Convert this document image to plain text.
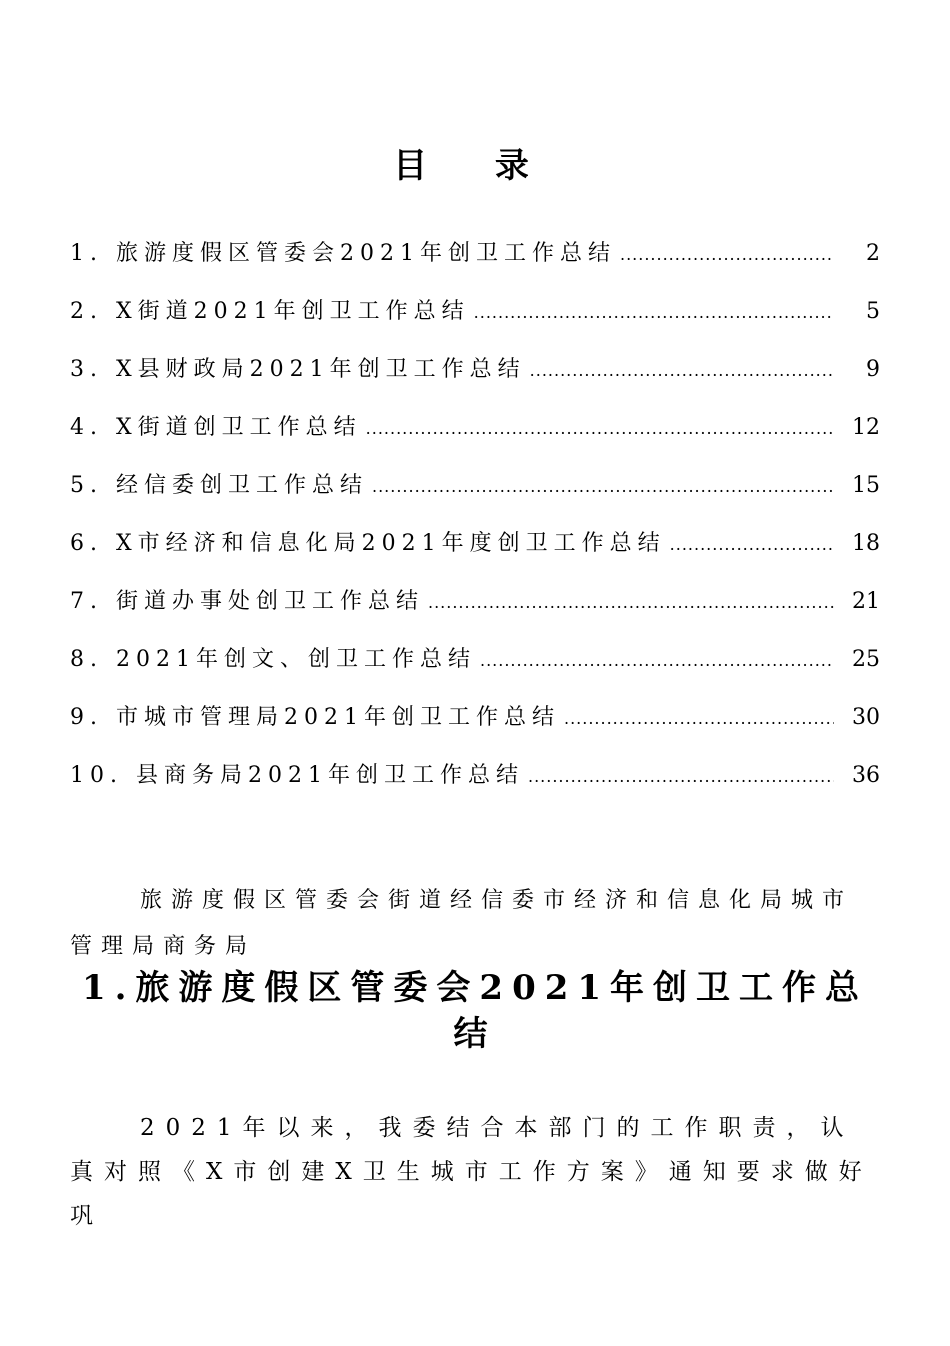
目 录
1. 旅游度假区管委会2021年创卫工作总结 .....	2
2. X街道2021年创卫工作总结 .....	5
3. X县财政局2021年创卫工作总结 .....	9
4. X街道创卫工作总结 .....	12
5. 经信委创卫工作总结 .....	15
6. X市经济和信息化局2021年度创卫工作总结 .....	18
7. 街道办事处创卫工作总结 .....	21
8. 2021年创文、创卫工作总结 .....	25
9. 市城市管理局2021年创卫工作总结 .....	30
10. 县商务局2021年创卫工作总结 .....	36
旅游度假区管委会街道经信委市经济和信息化局城市管理局商务局
1.旅游度假区管委会2021年创卫工作总结
2021年以来，我委结合本部门的工作职责，认真对照《X市创建X卫生城市工作方案》通知要求做好巩
